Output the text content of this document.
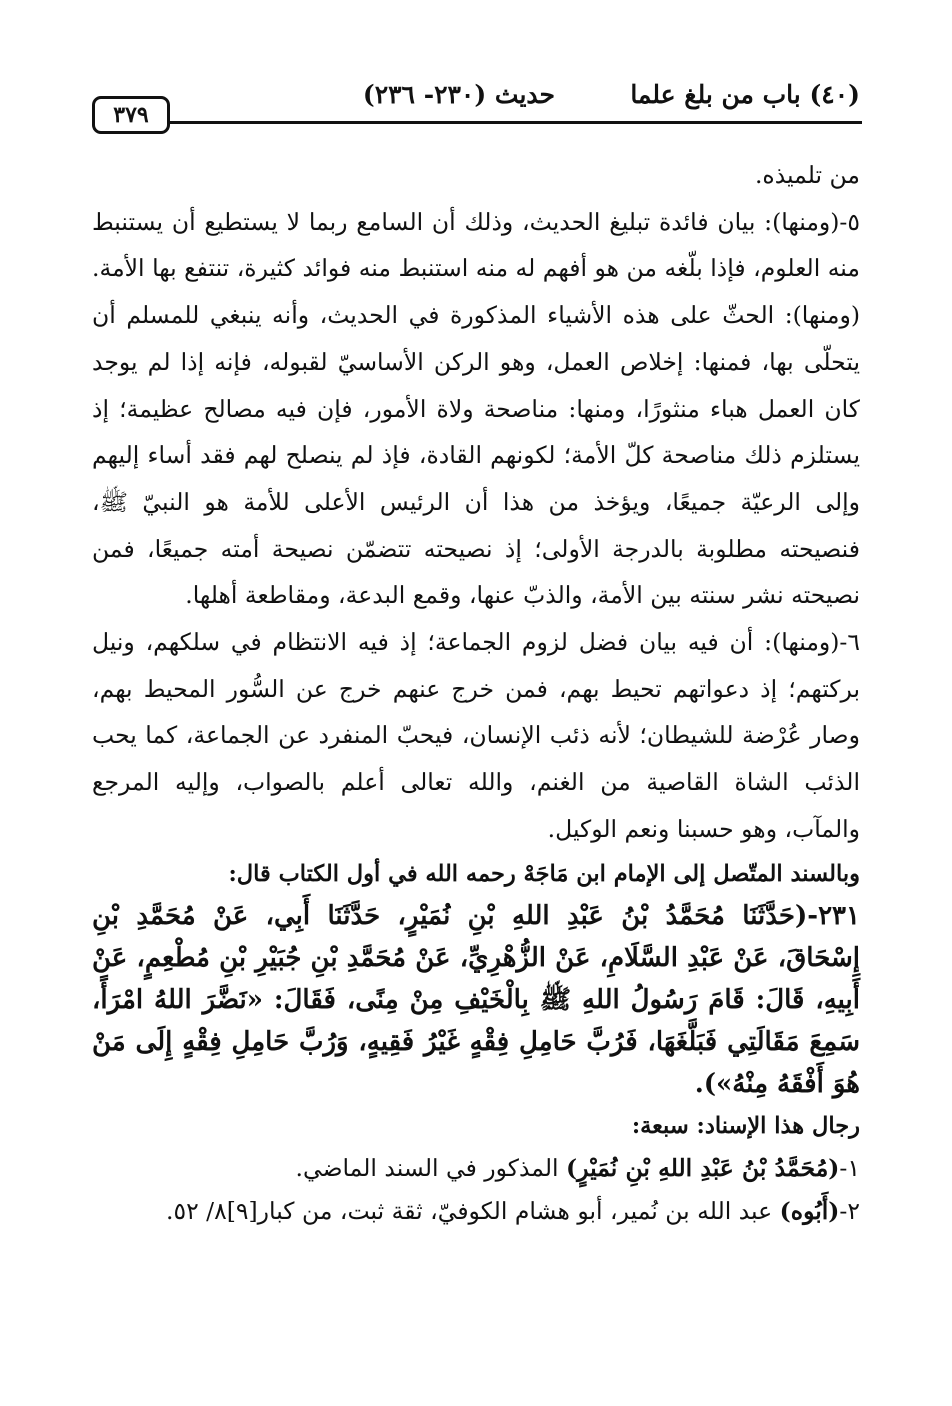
(٤٠) باب من بلغ علما
حديث (٢٣٠- ٢٣٦)
٣٧٩

من تلميذه.

٥-(ومنها): بيان فائدة تبليغ الحديث، وذلك أن السامع ربما لا يستطيع أن يستنبط منه العلوم، فإذا بلّغه من هو أفهم له منه استنبط منه فوائد كثيرة، تنتفع بها الأمة.(ومنها): الحثّ على هذه الأشياء المذكورة في الحديث، وأنه ينبغي للمسلم أن يتحلّى بها، فمنها: إخلاص العمل، وهو الركن الأساسيّ لقبوله، فإنه إذا لم يوجد كان العمل هباء منثورًا، ومنها: مناصحة ولاة الأمور، فإن فيه مصالح عظيمة؛ إذ يستلزم ذلك مناصحة كلّ الأمة؛ لكونهم القادة، فإذ لم ينصلح لهم فقد أساء إليهم وإلى الرعيّة جميعًا، ويؤخذ من هذا أن الرئيس الأعلى للأمة هو النبيّ ﷺ، فنصيحته مطلوبة بالدرجة الأولى؛ إذ نصيحته تتضمّن نصيحة أمته جميعًا، فمن نصيحته نشر سنته بين الأمة، والذبّ عنها، وقمع البدعة، ومقاطعة أهلها.

٦-(ومنها): أن فيه بيان فضل لزوم الجماعة؛ إذ فيه الانتظام في سلكهم، ونيل بركتهم؛ إذ دعواتهم تحيط بهم، فمن خرج عنهم خرج عن السُّور المحيط بهم، وصار عُرْضة للشيطان؛ لأنه ذئب الإنسان، فيحبّ المنفرد عن الجماعة، كما يحب الذئب الشاة القاصية من الغنم، والله تعالى أعلم بالصواب، وإليه المرجع والمآب، وهو حسبنا ونعم الوكيل.

وبالسند المتّصل إلى الإمام ابن مَاجَهْ رحمه الله في أول الكتاب قال:

٢٣١-(حَدَّثَنَا مُحَمَّدُ بْنُ عَبْدِ اللهِ بْنِ نُمَيْرٍ، حَدَّثَنَا أَبِي، عَنْ مُحَمَّدِ بْنِ إِسْحَاقَ، عَنْ عَبْدِ السَّلَامِ، عَنْ الزُّهْرِيِّ، عَنْ مُحَمَّدِ بْنِ جُبَيْرِ بْنِ مُطْعِمٍ، عَنْ أَبِيهِ، قَالَ: قَامَ رَسُولُ اللهِ ﷺ بِالْخَيْفِ مِنْ مِنًى، فَقَالَ: «نَضَّرَ اللهُ امْرَأً، سَمِعَ مَقَالَتِي فَبَلَّغَهَا، فَرُبَّ حَامِلِ فِقْهٍ غَيْرُ فَقِيهٍ، وَرُبَّ حَامِلِ فِقْهٍ إِلَى مَنْ هُوَ أَفْقَهُ مِنْهُ»).

رجال هذا الإسناد: سبعة:

١-(مُحَمَّدُ بْنُ عَبْدِ اللهِ بْنِ نُمَيْرٍ) المذكور في السند الماضي.

٢-(أَبُوه) عبد الله بن نُمير، أبو هشام الكوفيّ، ثقة ثبت، من كبار[٩]٨/ ٥٢.
